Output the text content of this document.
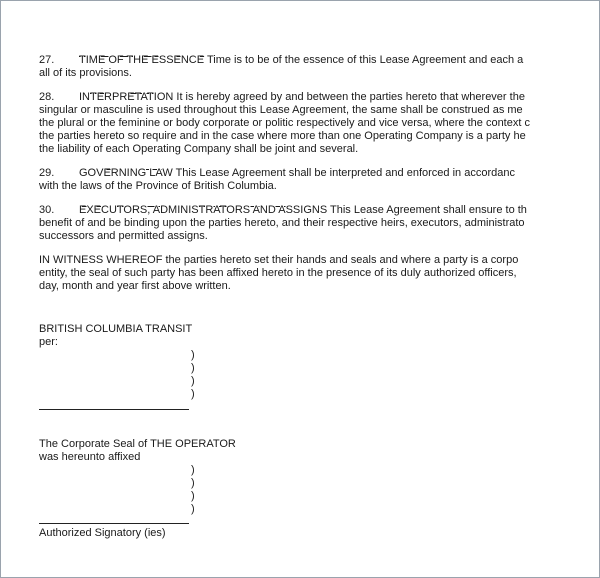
27. TIME OF THE ESSENCE Time is to be of the essence of this Lease Agreement and each a
all of its provisions.
28. INTERPRETATION It is hereby agreed by and between the parties hereto that wherever the
singular or masculine is used throughout this Lease Agreement, the same shall be construed as me
the plural or the feminine or body corporate or politic respectively and vice versa, where the context c
the parties hereto so require and in the case where more than one Operating Company is a party he
the liability of each Operating Company shall be joint and several.
29. GOVERNING LAW This Lease Agreement shall be interpreted and enforced in accordanc
with the laws of the Province of British Columbia.
30. EXECUTORS, ADMINISTRATORS AND ASSIGNS This Lease Agreement shall ensure to th
benefit of and be binding upon the parties hereto, and their respective heirs, executors, administrato
successors and permitted assigns.
IN WITNESS WHEREOF the parties hereto set their hands and seals and where a party is a corpo
entity, the seal of such party has been affixed hereto in the presence of its duly authorized officers,
day, month and year first above written.
BRITISH COLUMBIA TRANSIT
per:
)
)
)
)
The Corporate Seal of THE OPERATOR
was hereunto affixed
)
)
)
)
Authorized Signatory (ies)
